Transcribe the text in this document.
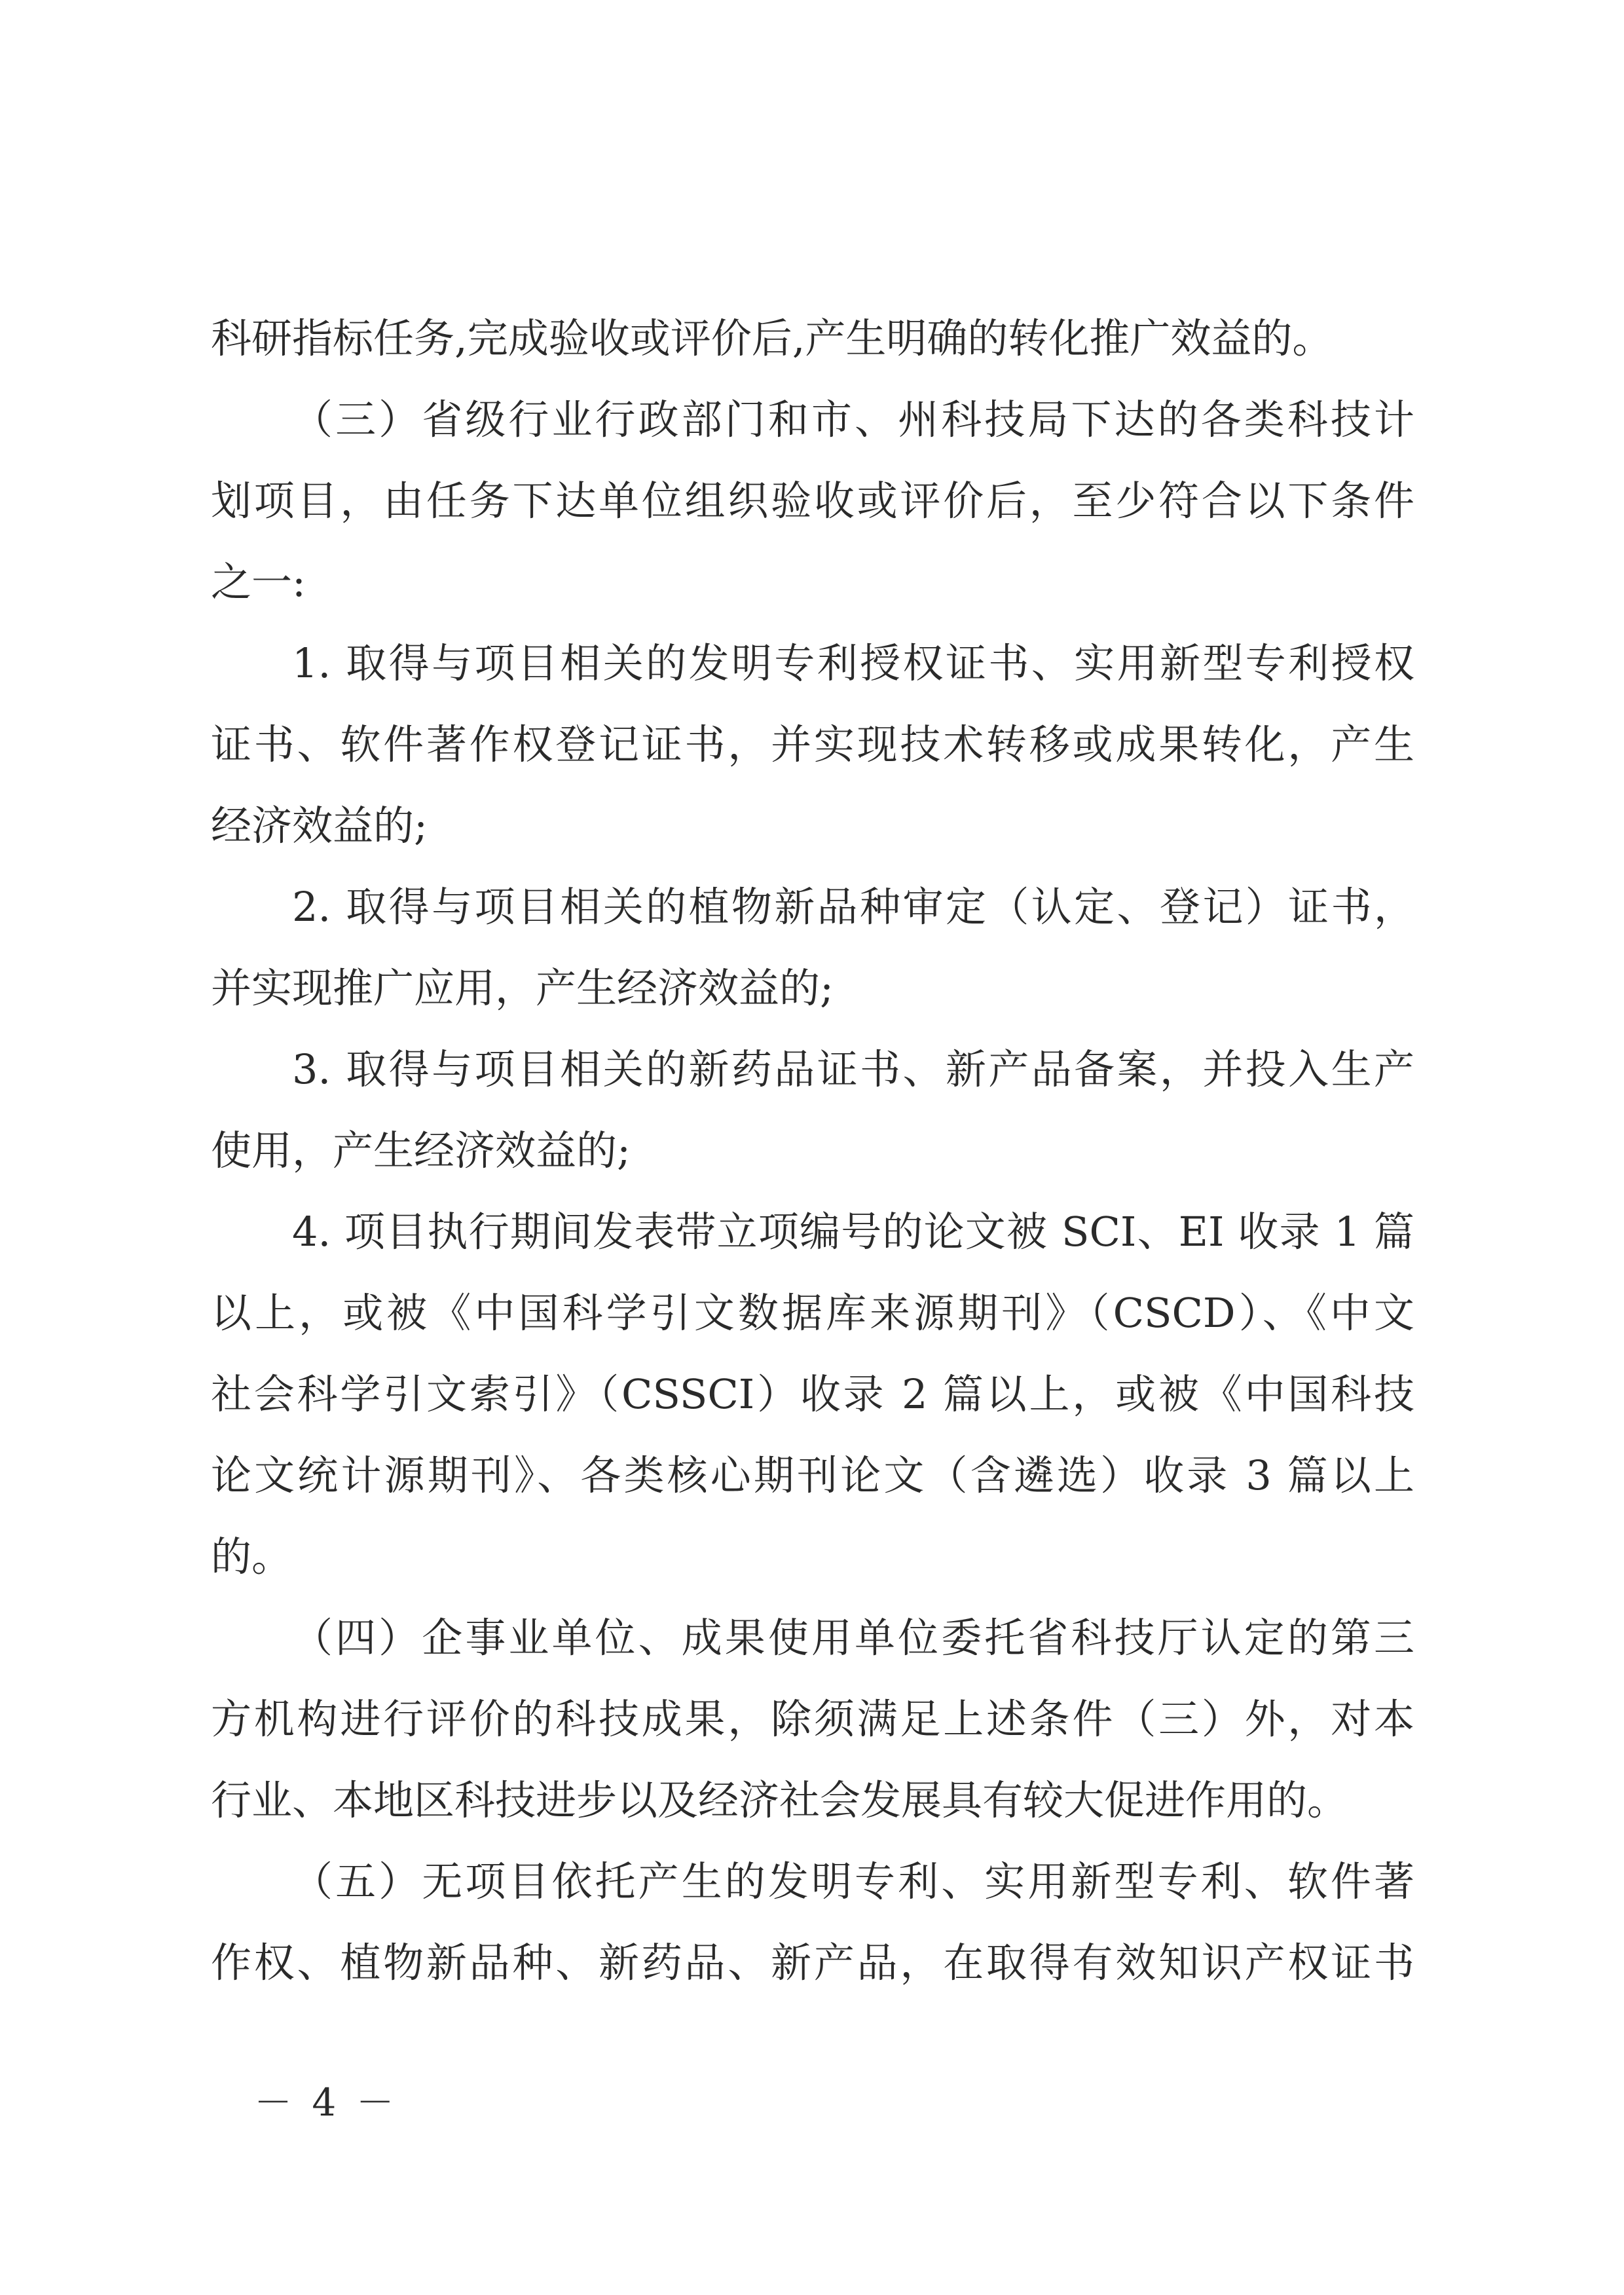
科研指标任务,完成验收或评价后,产生明确的转化推广效益的。
（三）省级行业行政部门和市、州科技局下达的各类科技计
划项目，由任务下达单位组织验收或评价后，至少符合以下条件
之一:
1. 取得与项目相关的发明专利授权证书、实用新型专利授权
证书、软件著作权登记证书，并实现技术转移或成果转化，产生
经济效益的;
2. 取得与项目相关的植物新品种审定（认定、登记）证书，
并实现推广应用，产生经济效益的;
3. 取得与项目相关的新药品证书、新产品备案，并投入生产
使用，产生经济效益的;
4. 项目执行期间发表带立项编号的论文被 SCI、EI 收录 1 篇
以上，或被《中国科学引文数据库来源期刊》（CSCD）、《中文
社会科学引文索引》（CSSCI）收录 2 篇以上，或被《中国科技
论文统计源期刊》、各类核心期刊论文（含遴选）收录 3 篇以上
的。
（四）企事业单位、成果使用单位委托省科技厅认定的第三
方机构进行评价的科技成果，除须满足上述条件（三）外，对本
行业、本地区科技进步以及经济社会发展具有较大促进作用的。
（五）无项目依托产生的发明专利、实用新型专利、软件著
作权、植物新品种、新药品、新产品，在取得有效知识产权证书
－ 4 －
